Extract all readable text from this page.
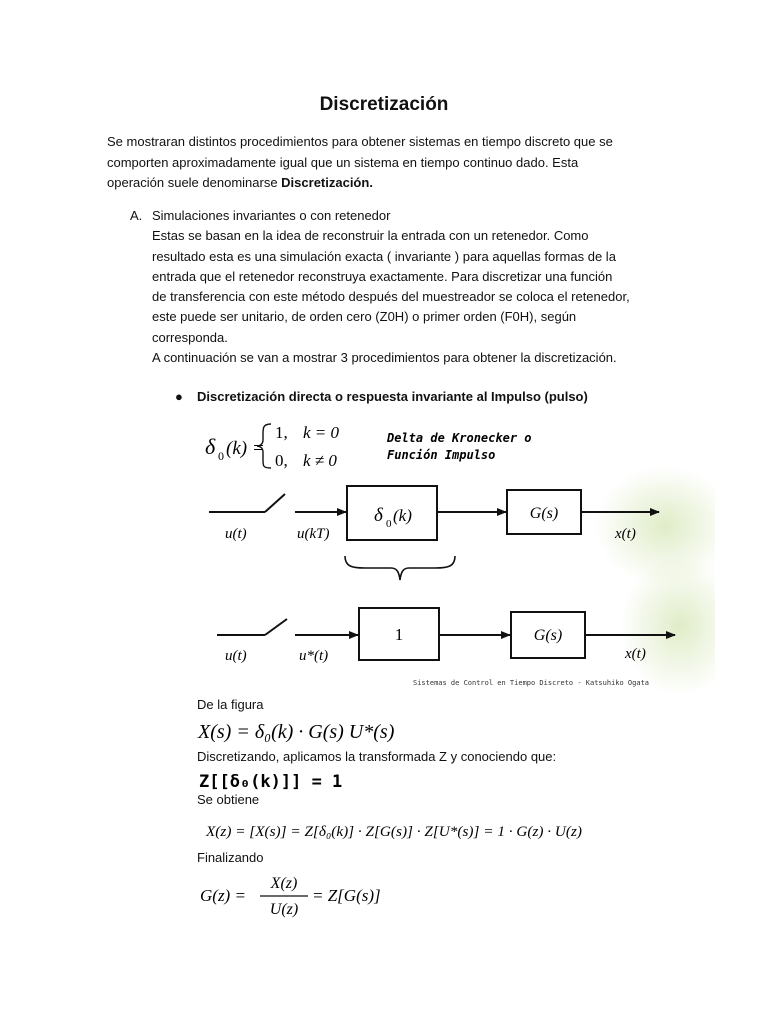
Discretización
Se mostraran distintos procedimientos para obtener sistemas en tiempo discreto que se
comporten aproximadamente igual que un sistema en tiempo continuo dado. Esta
operación suele denominarse Discretización.
A. Simulaciones invariantes o con retenedor
Estas se basan en la idea de reconstruir la entrada con un retenedor. Como
resultado esta es una simulación exacta ( invariante ) para aquellas formas de la
entrada que el retenedor reconstruya exactamente. Para discretizar una función
de transferencia con este método después del muestreador se coloca el retenedor,
este puede ser unitario, de orden cero (Z0H) o primer orden (F0H), según
corresponda.
A continuación se van a mostrar 3 procedimientos para obtener la discretización.
● Discretización directa o respuesta invariante al Impulso (pulso)
δ 0 (k) =
1, k = 0
0, k ≠ 0
Delta de Kronecker o
Función Impulso
δ 0 (k)	G(s)
u(t)	u(kT)	x(t)
1	G(s)
u(t)	u*(t)	x(t)
Sistemas de Control en Tiempo Discreto - Katsuhiko Ogata
De la figura
X(s) = δ₀(k) · G(s) U*(s)
Discretizando, aplicamos la transformada Z y conociendo que:
Z[[δ₀(k)]] = 1
Se obtiene
X(z) = [X(s)] = Z[δ₀(k)] · Z[G(s)] · Z[U*(s)] = 1 · G(z) · U(z)
Finalizando
G(z) =
X(z)
U(z)
= Z[G(s)]
